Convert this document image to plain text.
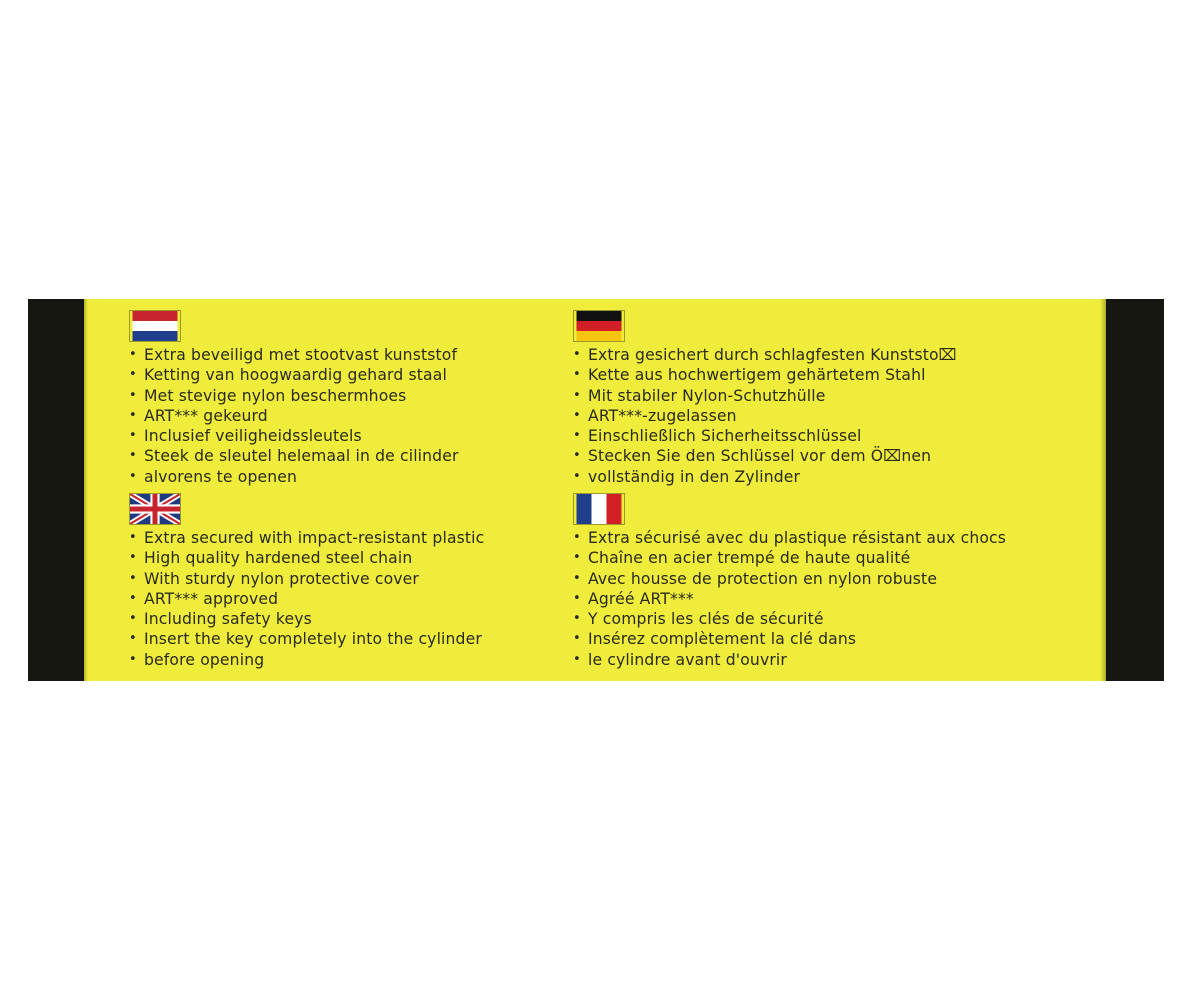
• Extra beveiligd met stootvast kunststof
• Ketting van hoogwaardig gehard staal
• Met stevige nylon beschermhoes
• ART*** gekeurd
• Inclusief veiligheidssleutels
• Steek de sleutel helemaal in de cilinder
• alvorens te openen
• Extra gesichert durch schlagfesten Kunststo⌧
• Kette aus hochwertigem gehärtetem Stahl
• Mit stabiler Nylon-Schutzhülle
• ART***-zugelassen
• Einschließlich Sicherheitsschlüssel
• Stecken Sie den Schlüssel vor dem Ö⌧nen
• vollständig in den Zylinder
• Extra secured with impact-resistant plastic
• High quality hardened steel chain
• With sturdy nylon protective cover
• ART*** approved
• Including safety keys
• Insert the key completely into the cylinder
• before opening
• Extra sécurisé avec du plastique résistant aux chocs
• Chaîne en acier trempé de haute qualité
• Avec housse de protection en nylon robuste
• Agréé ART***
• Y compris les clés de sécurité
• Insérez complètement la clé dans
• le cylindre avant d'ouvrir
